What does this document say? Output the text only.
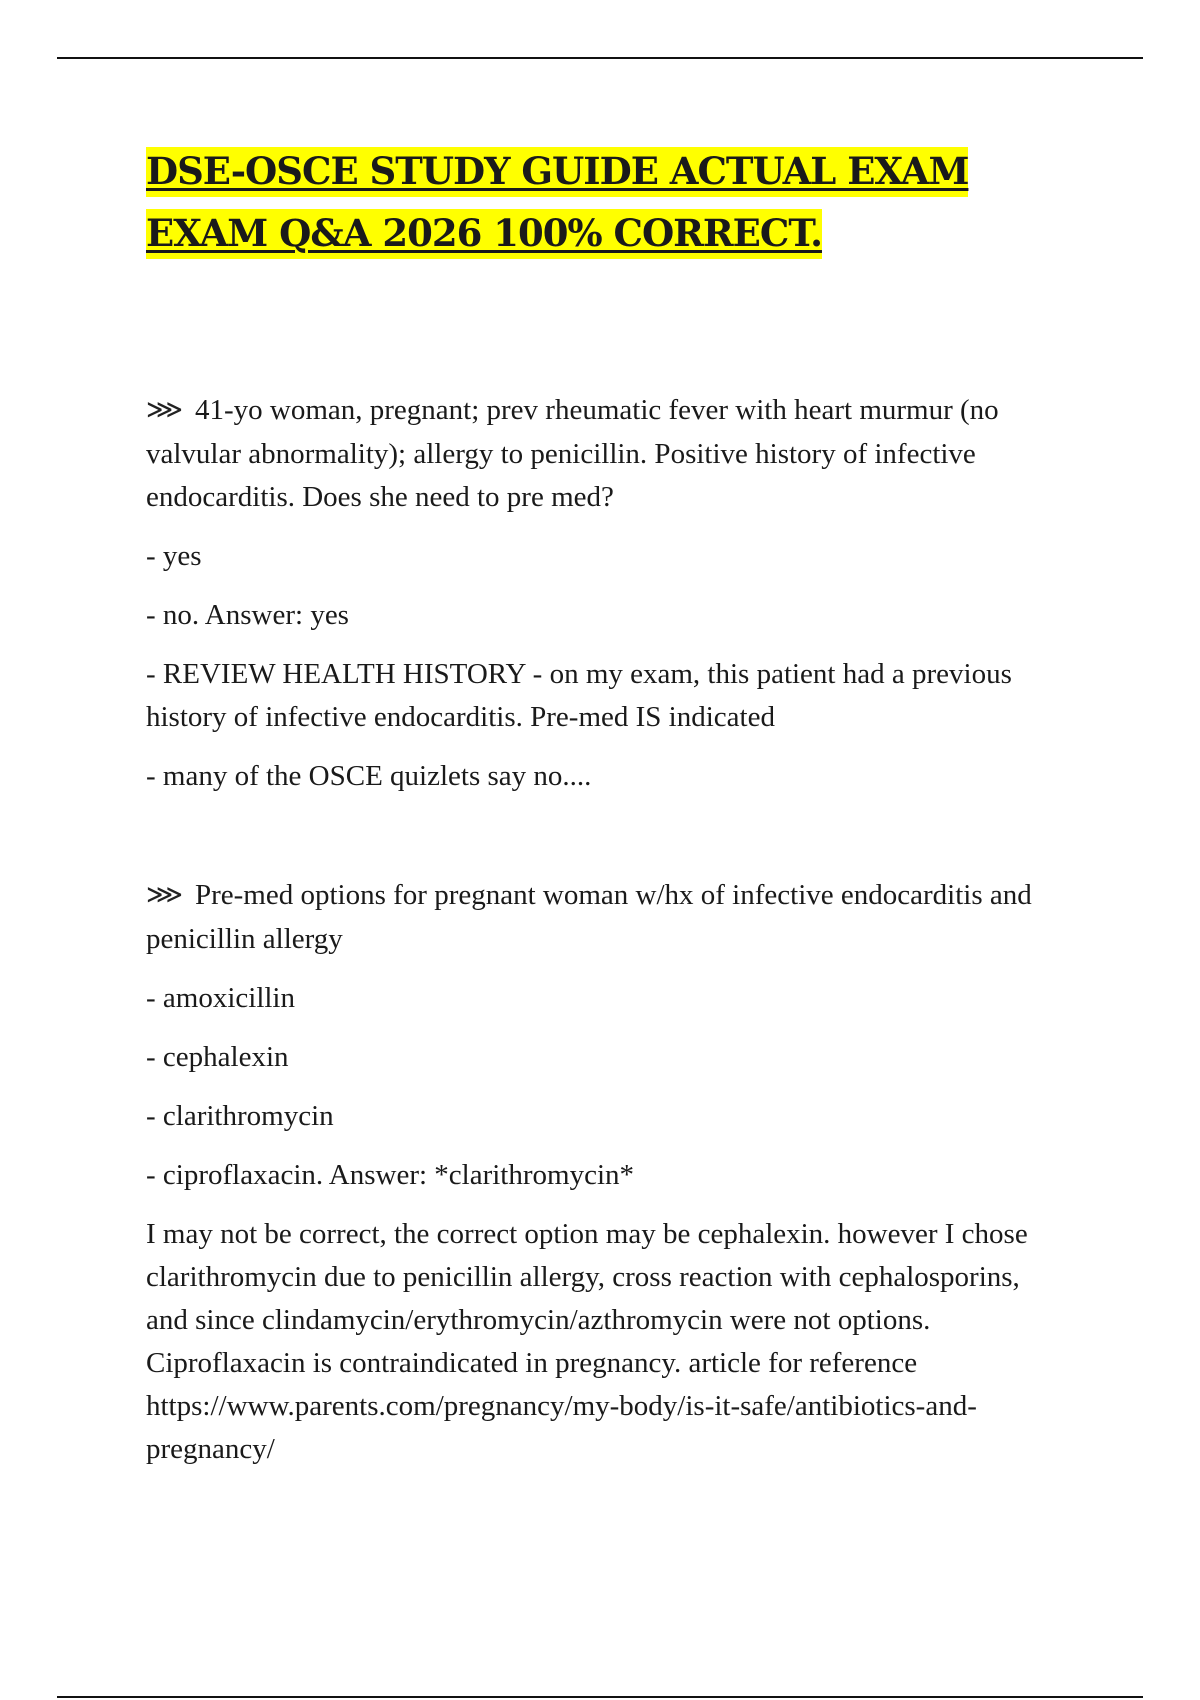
DSE-OSCE STUDY GUIDE ACTUAL EXAM EXAM Q&A 2026 100% CORRECT.

⋙ 41-yo woman, pregnant; prev rheumatic fever with heart murmur (no valvular abnormality); allergy to penicillin. Positive history of infective endocarditis. Does she need to pre med?

- yes

- no. Answer: yes

- REVIEW HEALTH HISTORY - on my exam, this patient had a previous history of infective endocarditis. Pre-med IS indicated

- many of the OSCE quizlets say no....

⋙ Pre-med options for pregnant woman w/hx of infective endocarditis and penicillin allergy

- amoxicillin

- cephalexin

- clarithromycin

- ciproflaxacin. Answer: *clarithromycin*

I may not be correct, the correct option may be cephalexin. however I chose clarithromycin due to penicillin allergy, cross reaction with cephalosporins, and since clindamycin/erythromycin/azthromycin were not options. Ciproflaxacin is contraindicated in pregnancy. article for reference https://www.parents.com/pregnancy/my-body/is-it-safe/antibiotics-and-pregnancy/
